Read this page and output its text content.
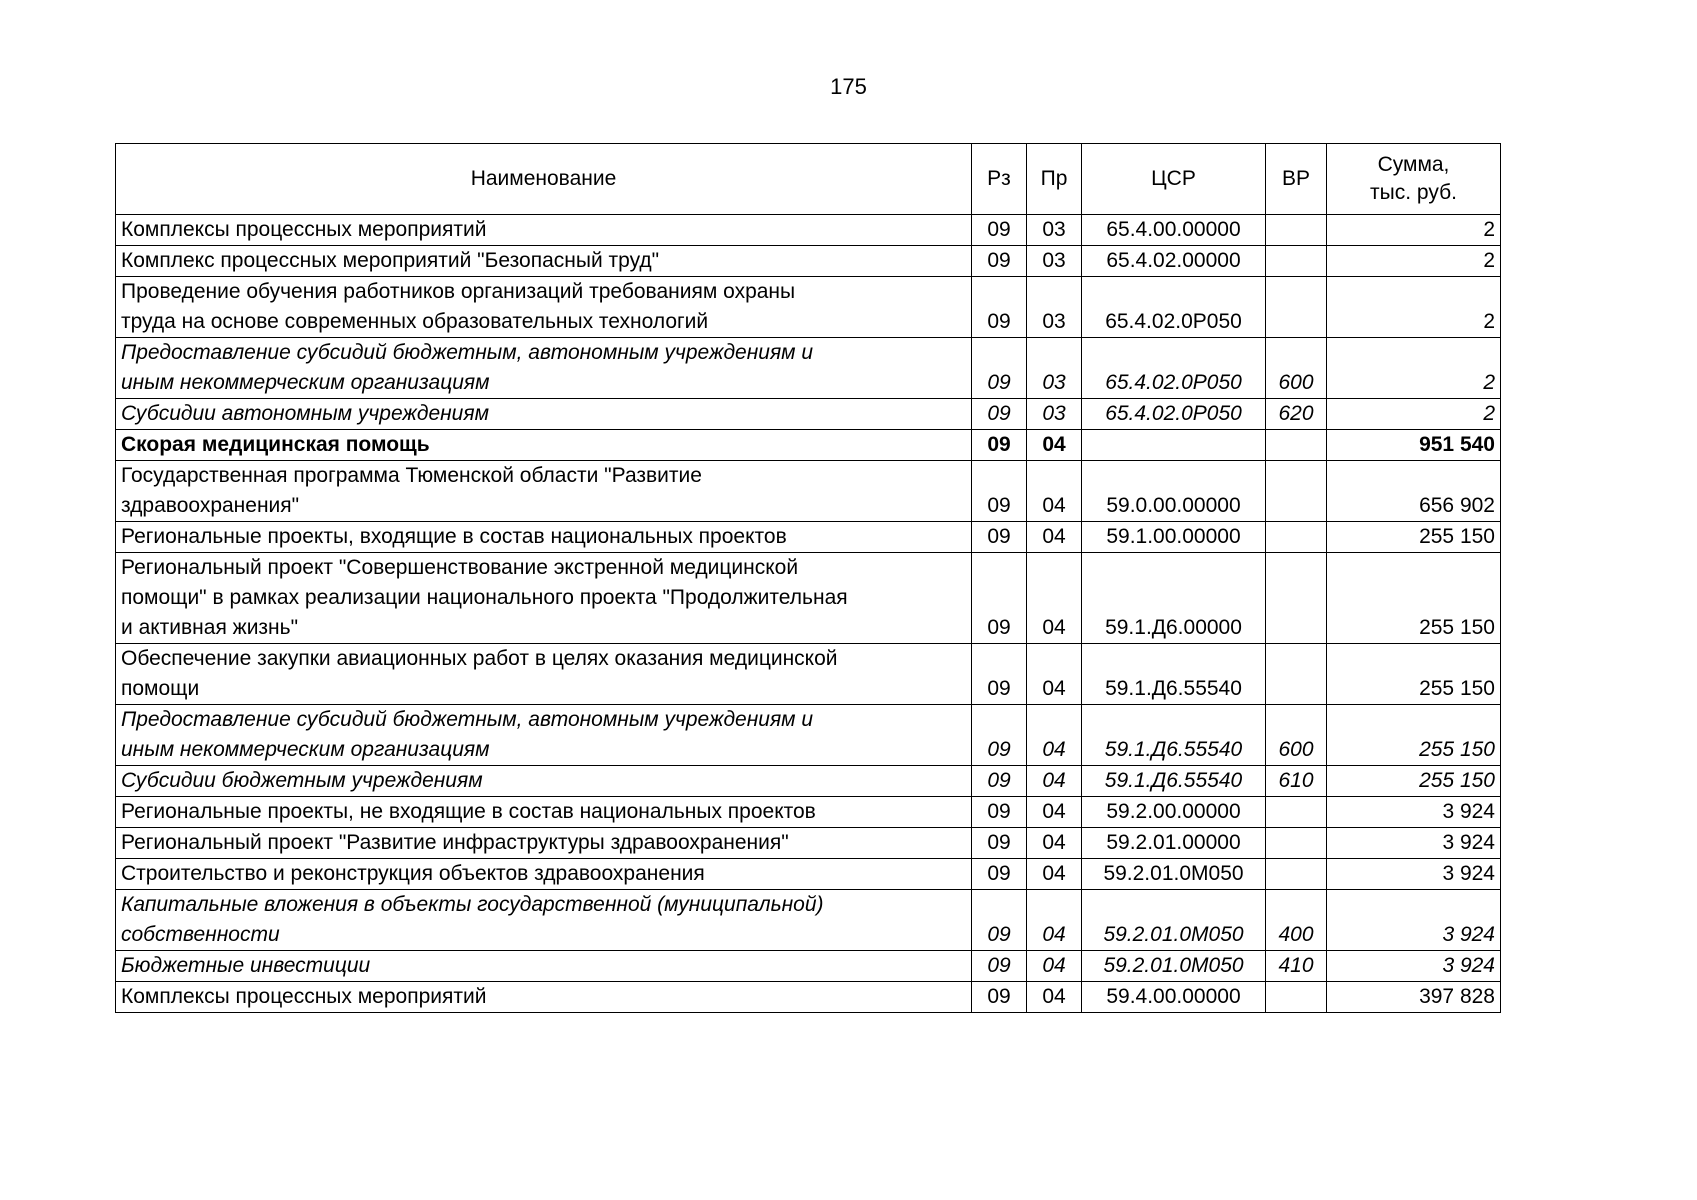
175
Наименование	Рз	Пр	ЦСР	ВР	Сумма,
тыс. руб.
Комплексы процессных мероприятий	09	03	65.4.00.00000		2
Комплекс процессных мероприятий "Безопасный труд"	09	03	65.4.02.00000		2
Проведение обучения работников организаций требованиям охраны
труда на основе современных образовательных технологий	09	03	65.4.02.0Р050		2
Предоставление субсидий бюджетным, автономным учреждениям и
иным некоммерческим организациям	09	03	65.4.02.0Р050	600	2
Субсидии автономным учреждениям	09	03	65.4.02.0Р050	620	2
Скорая медицинская помощь	09	04			951 540
Государственная программа Тюменской области "Развитие
здравоохранения"	09	04	59.0.00.00000		656 902
Региональные проекты, входящие в состав национальных проектов	09	04	59.1.00.00000		255 150
Региональный проект "Совершенствование экстренной медицинской
помощи" в рамках реализации национального проекта "Продолжительная
и активная жизнь"	09	04	59.1.Д6.00000		255 150
Обеспечение закупки авиационных работ в целях оказания медицинской
помощи	09	04	59.1.Д6.55540		255 150
Предоставление субсидий бюджетным, автономным учреждениям и
иным некоммерческим организациям	09	04	59.1.Д6.55540	600	255 150
Субсидии бюджетным учреждениям	09	04	59.1.Д6.55540	610	255 150
Региональные проекты, не входящие в состав национальных проектов	09	04	59.2.00.00000		3 924
Региональный проект "Развитие инфраструктуры здравоохранения"	09	04	59.2.01.00000		3 924
Строительство и реконструкция объектов здравоохранения	09	04	59.2.01.0М050		3 924
Капитальные вложения в объекты государственной (муниципальной)
собственности	09	04	59.2.01.0М050	400	3 924
Бюджетные инвестиции	09	04	59.2.01.0М050	410	3 924
Комплексы процессных мероприятий	09	04	59.4.00.00000		397 828
